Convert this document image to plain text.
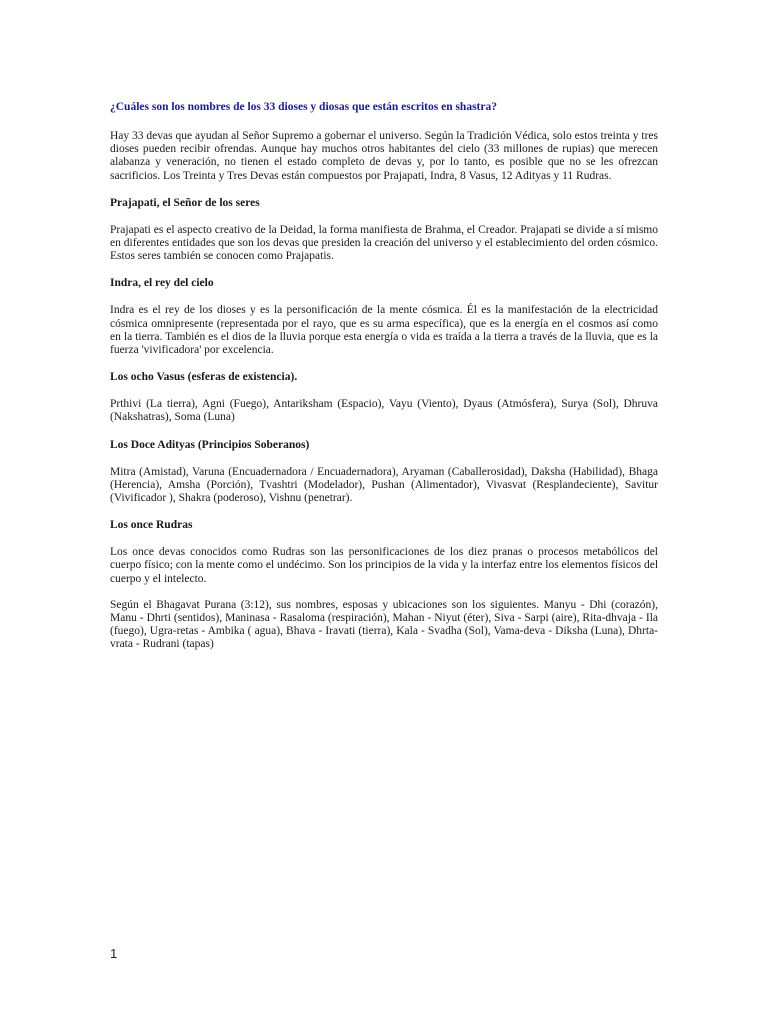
¿Cuáles son los nombres de los 33 dioses y diosas que están escritos en shastra?

Hay 33 devas que ayudan al Señor Supremo a gobernar el universo. Según la Tradición Védica, solo estos treinta y tres dioses pueden recibir ofrendas. Aunque hay muchos otros habitantes del cielo (33 millones de rupias) que merecen alabanza y veneración, no tienen el estado completo de devas y, por lo tanto, es posible que no se les ofrezcan sacrificios. Los Treinta y Tres Devas están compuestos por Prajapati, Indra, 8 Vasus, 12 Adityas y 11 Rudras.

Prajapati, el Señor de los seres

Prajapati es el aspecto creativo de la Deidad, la forma manifiesta de Brahma, el Creador. Prajapati se divide a sí mismo en diferentes entidades que son los devas que presiden la creación del universo y el establecimiento del orden cósmico. Estos seres también se conocen como Prajapatis.

Indra, el rey del cielo

Indra es el rey de los dioses y es la personificación de la mente cósmica. Él es la manifestación de la electricidad cósmica omnipresente (representada por el rayo, que es su arma específica), que es la energía en el cosmos así como en la tierra. También es el dios de la lluvia porque esta energía o vida es traída a la tierra a través de la lluvia, que es la fuerza 'vivificadora' por excelencia.

Los ocho Vasus (esferas de existencia).

Prthivi (La tierra), Agni (Fuego), Antariksham (Espacio), Vayu (Viento), Dyaus (Atmósfera), Surya (Sol), Dhruva (Nakshatras), Soma (Luna)

Los Doce Adityas (Principios Soberanos)

Mitra (Amistad), Varuna (Encuadernadora / Encuadernadora), Aryaman (Caballerosidad), Daksha (Habilidad), Bhaga (Herencia), Amsha (Porción), Tvashtri (Modelador), Pushan (Alimentador), Vivasvat (Resplandeciente), Savitur (Vivificador ), Shakra (poderoso), Vishnu (penetrar).

Los once Rudras

Los once devas conocidos como Rudras son las personificaciones de los diez pranas o procesos metabólicos del cuerpo físico; con la mente como el undécimo. Son los principios de la vida y la interfaz entre los elementos físicos del cuerpo y el intelecto.

Según el Bhagavat Purana (3:12), sus nombres, esposas y ubicaciones son los siguientes. Manyu - Dhi (corazón), Manu - Dhrti (sentidos), Maninasa - Rasaloma (respiración), Mahan - Niyut (éter), Siva - Sarpi (aire), Rita-dhvaja - Ila (fuego), Ugra-retas - Ambika ( agua), Bhava - Iravati (tierra), Kala - Svadha (Sol), Vama-deva - Diksha (Luna), Dhrta-vrata - Rudrani (tapas)

1
